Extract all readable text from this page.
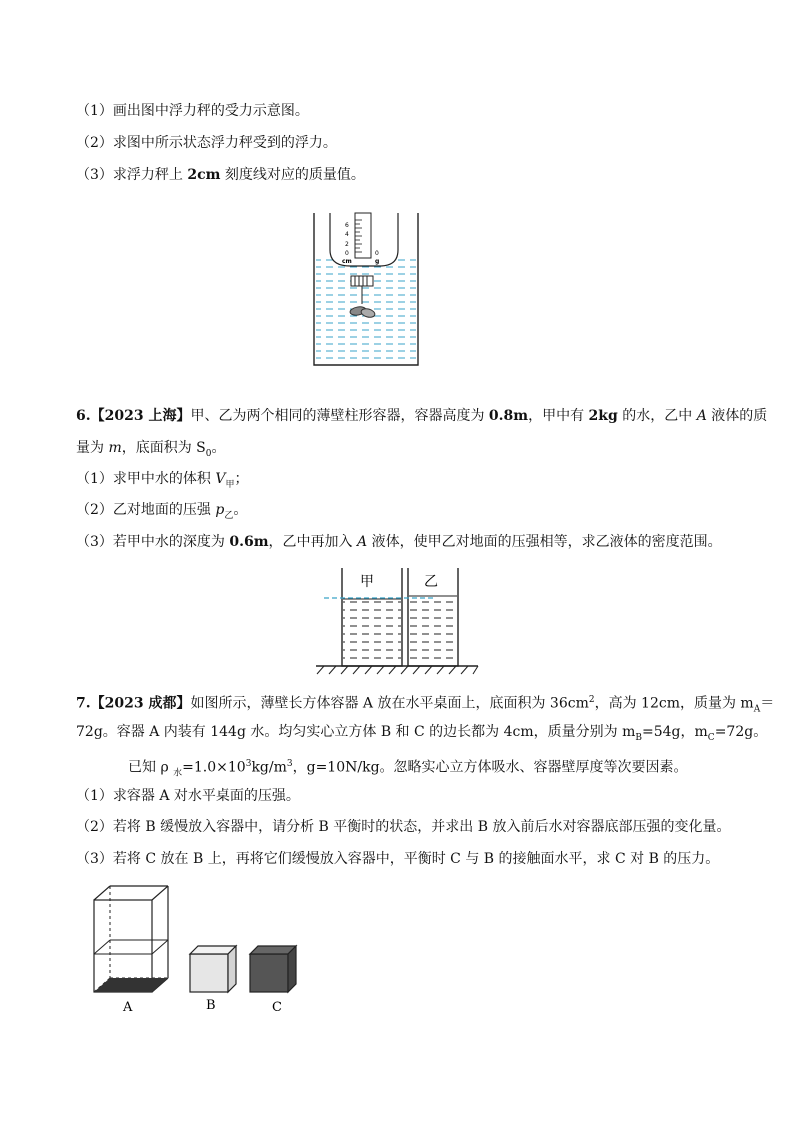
（1）画出图中浮力秤的受力示意图。
（2）求图中所示状态浮力秤受到的浮力。
（3）求浮力秤上 2cm 刻度线对应的质量值。
6
4
2
0
cm
0
g
6.【2023 上海】甲、乙为两个相同的薄壁柱形容器，容器高度为 0.8m，甲中有 2kg 的水，乙中 A 液体的质
量为 m，底面积为 $S_0$。
（1）求甲中水的体积 $V_甲$；
（2）乙对地面的压强 $p_乙$。
（3）若甲中水的深度为 0.6m，乙中再加入 A 液体，使甲乙对地面的压强相等，求乙液体的密度范围。
甲	乙
7.【2023 成都】如图所示，薄壁长方体容器 A 放在水平桌面上，底面积为 $36cm^2$，高为 12cm，质量为 $m_A=$
72g。容器 A 内装有 144g 水。均匀实心立方体 B 和 C 的边长都为 4cm，质量分别为 $m_B=54g$，$m_C=72g$。
已知 ρ $_水=1.0\times 10^3kg/m^3$，g=10N/kg。忽略实心立方体吸水、容器壁厚度等次要因素。
（1）求容器 A 对水平桌面的压强。
（2）若将 B 缓慢放入容器中，请分析 B 平衡时的状态，并求出 B 放入前后水对容器底部压强的变化量。
（3）若将 C 放在 B 上，再将它们缓慢放入容器中，平衡时 C 与 B 的接触面水平，求 C 对 B 的压力。
A	B	C
